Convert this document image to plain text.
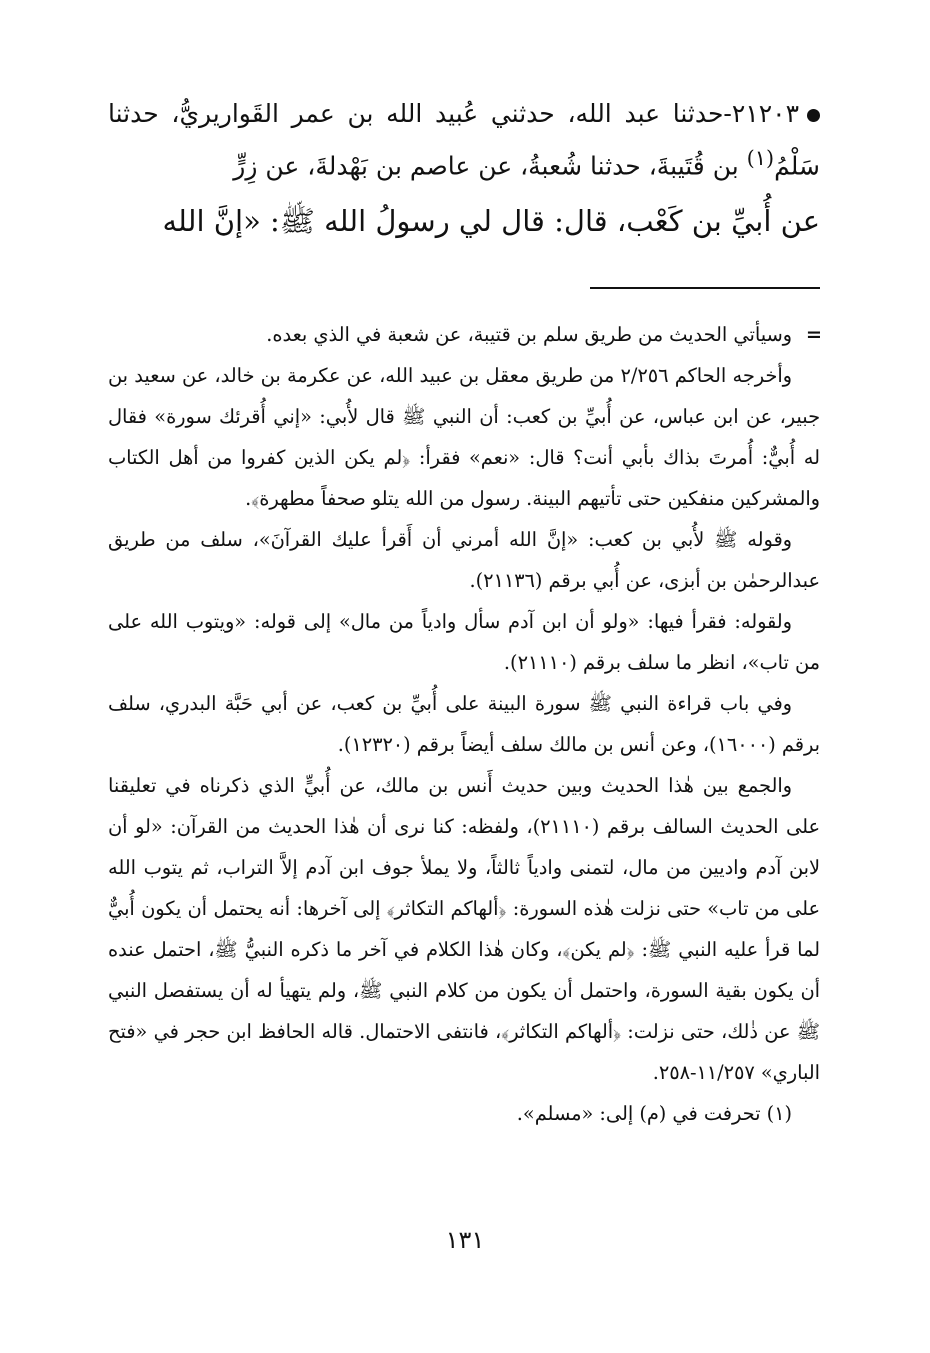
٢١٢٠٣-حدثنا عبد الله، حدثني عُبيد الله بن عمر القَواريريُّ، حدثنا سَلْمُ$^{(١)}$ بن قُتَيبةَ، حدثنا شُعبةُ، عن عاصم بن بَهْدلةَ، عن زِرٍّ
عن أُبيِّ بن كَعْب، قال: قال لي رسولُ الله ﷺ: «إنَّ الله

=
وسيأتي الحديث من طريق سلم بن قتيبة، عن شعبة في الذي بعده.

وأخرجه الحاكم ٢/٢٥٦ من طريق معقل بن عبيد الله، عن عكرمة بن خالد، عن سعيد بن جبير، عن ابن عباس، عن أُبيِّ بن كعب: أن النبي ﷺ قال لأُبي: «إني أُقرئك سورة» فقال له أُبيٌّ: أُمرتَ بذاك بأبي أنت؟ قال: «نعم» فقرأ: ﴿لم يكن الذين كفروا من أهل الكتاب والمشركين منفكين حتى تأتيهم البينة. رسول من الله يتلو صحفاً مطهرة﴾.

وقوله ﷺ لأُبي بن كعب: «إنَّ الله أمرني أن أَقرأ عليك القرآنَ»، سلف من طريق عبدالرحمٰن بن أبزى، عن أُبي برقم (٢١١٣٦).

ولقوله: فقرأ فيها: «ولو أن ابن آدم سأل وادياً من مال» إلى قوله: «ويتوب الله على من تاب»، انظر ما سلف برقم (٢١١١٠).

وفي باب قراءة النبي ﷺ سورة البينة على أُبيِّ بن كعب، عن أبي حَبَّة البدري، سلف برقم (١٦٠٠٠)، وعن أنس بن مالك سلف أيضاً برقم (١٢٣٢٠).

والجمع بين هٰذا الحديث وبين حديث أَنس بن مالك، عن أُبيٍّ الذي ذكرناه في تعليقنا على الحديث السالف برقم (٢١١١٠)، ولفظه: كنا نرى أن هٰذا الحديث من القرآن: «لو أن لابن آدم واديين من مال، لتمنى وادياً ثالثاً، ولا يملأ جوف ابن آدم إلاَّ التراب، ثم يتوب الله على من تاب» حتى نزلت هٰذه السورة: ﴿ألهاكم التكاثر﴾ إلى آخرها: أنه يحتمل أن يكون أُبيٌّ لما قرأ عليه النبي ﷺ: ﴿لم يكن﴾، وكان هٰذا الكلام في آخر ما ذكره النبيُّ ﷺ، احتمل عنده أن يكون بقية السورة، واحتمل أن يكون من كلام النبي ﷺ، ولم يتهيأ له أن يستفصل النبي ﷺ عن ذٰلك، حتى نزلت: ﴿ألهاكم التكاثر﴾، فانتفى الاحتمال. قاله الحافظ ابن حجر في «فتح الباري» ١١/٢٥٧-٢٥٨.

(١) تحرفت في (م) إلى: «مسلم».

١٣١
